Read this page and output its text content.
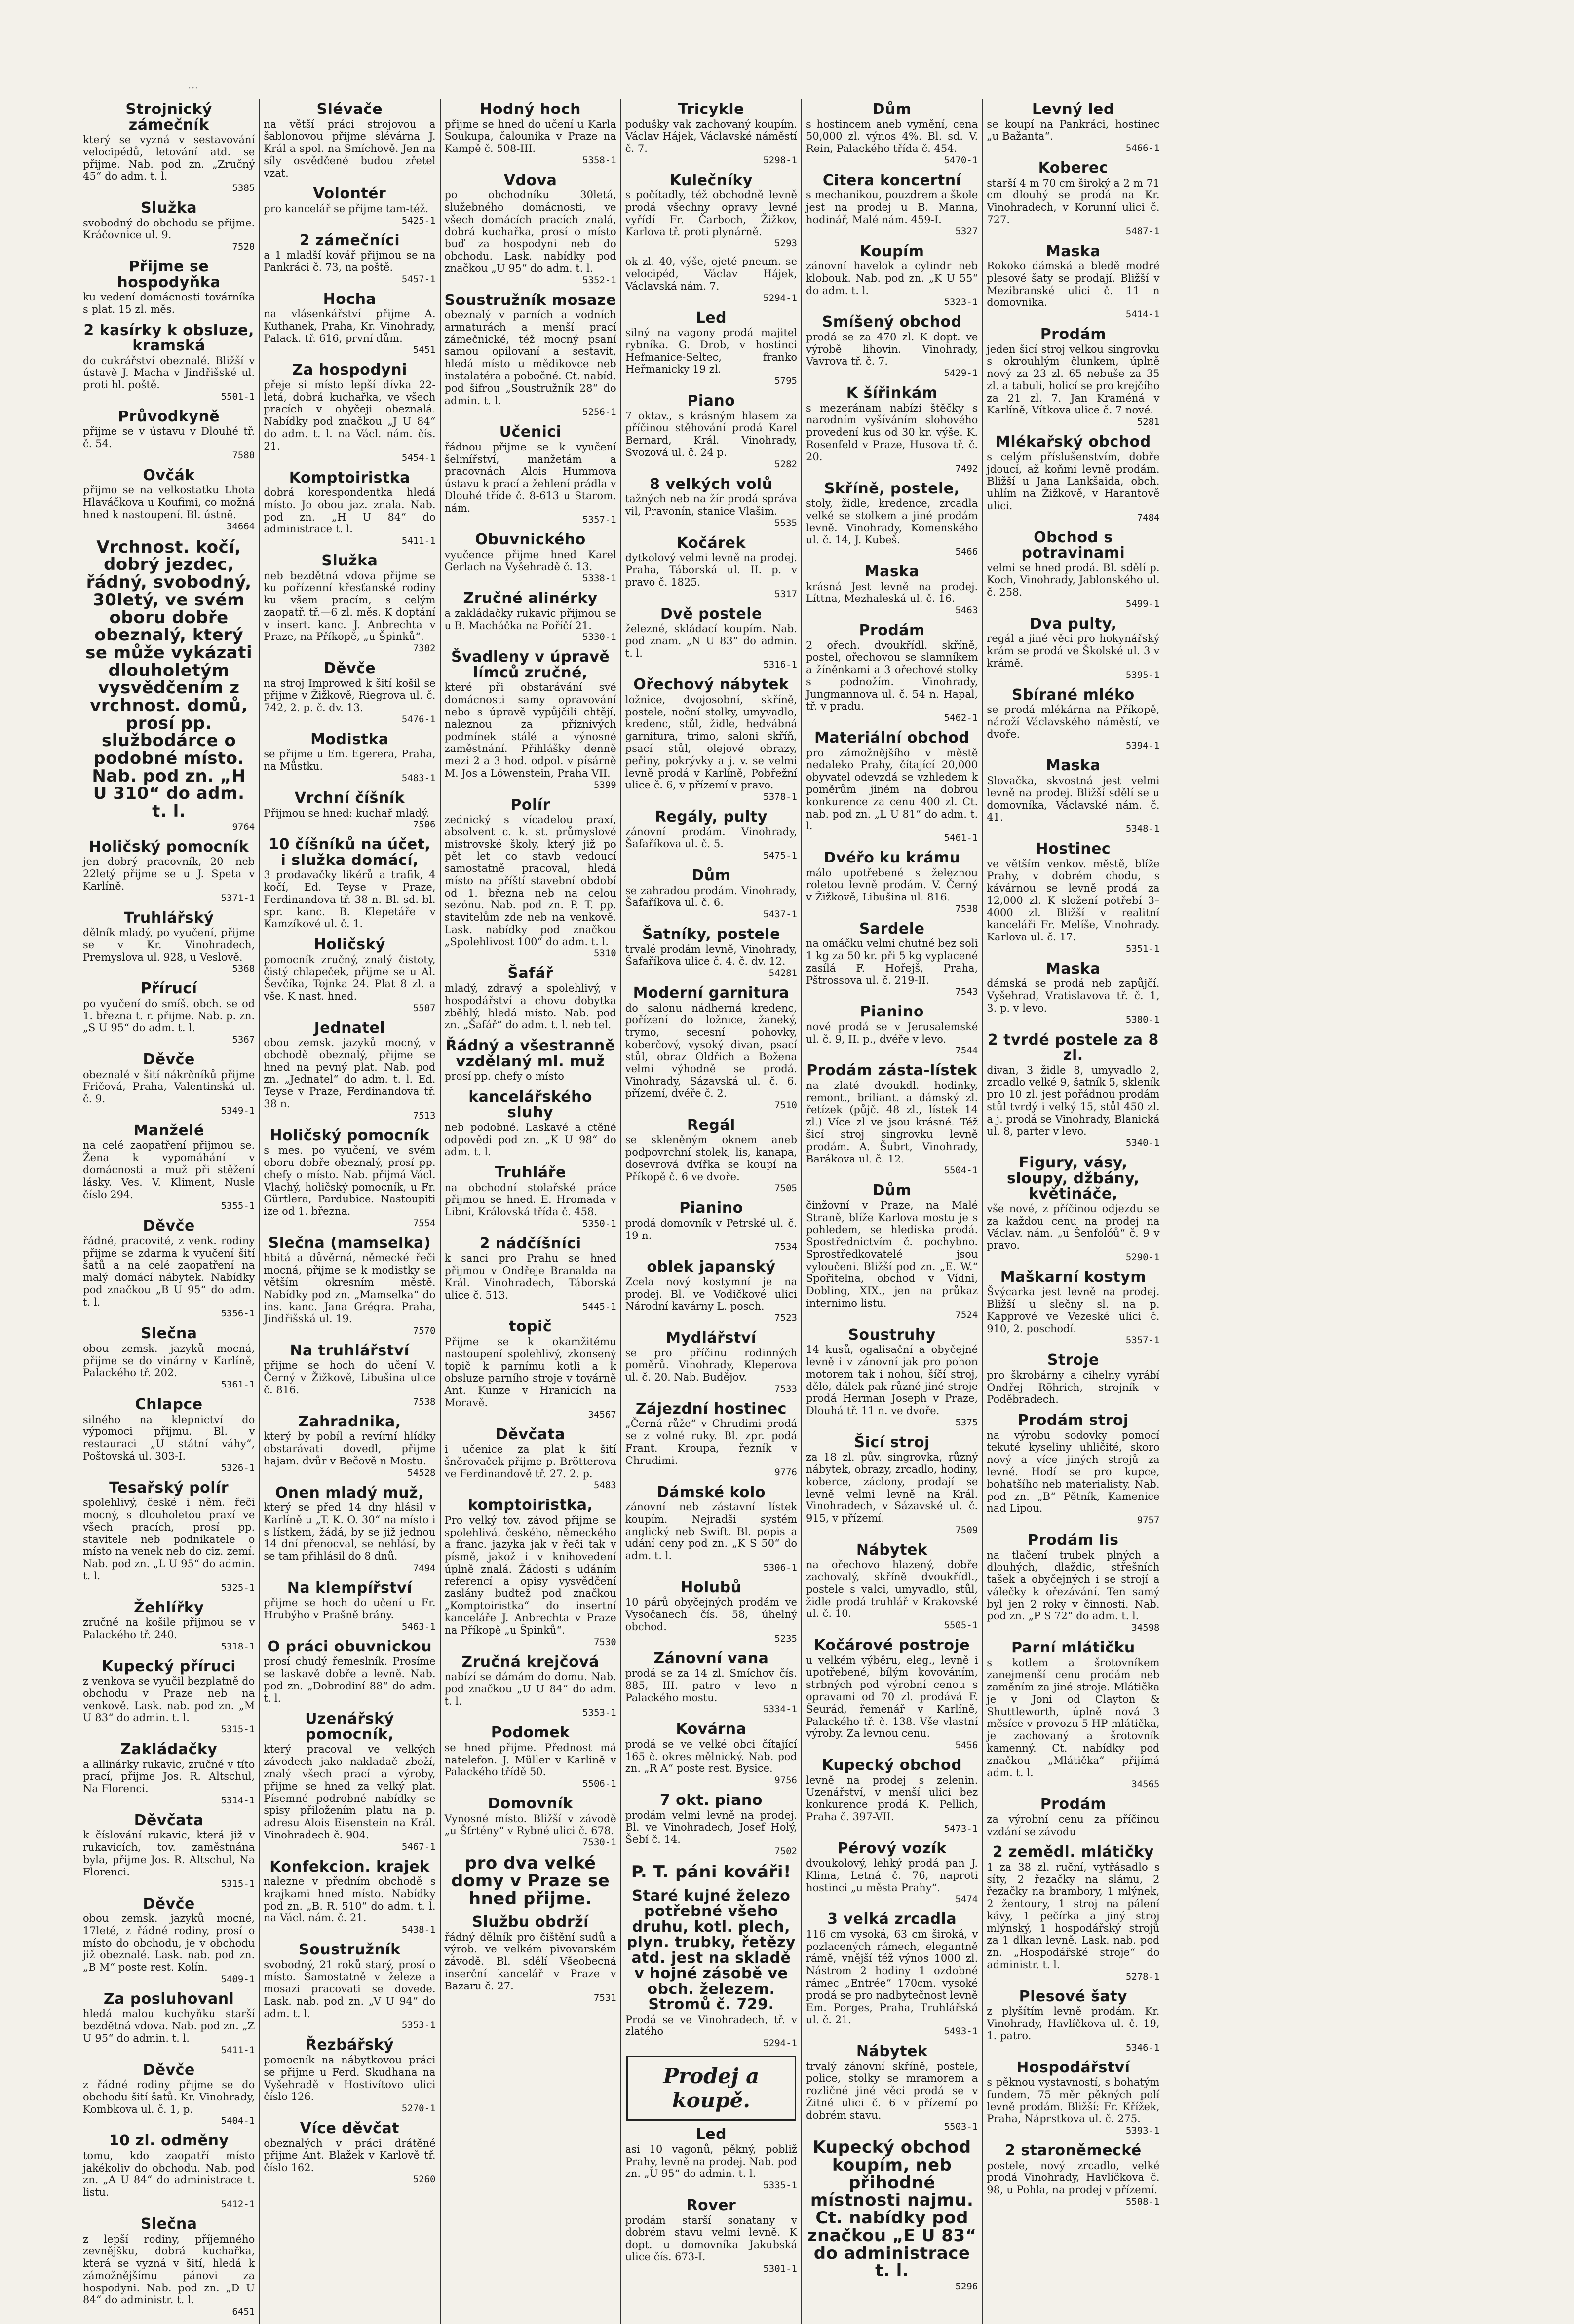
…
Strojnický zámečník

který se vyzná v sestavování velocipédů, letování atd. se přijme. Nab. pod zn. „Zručný 45“ do adm. t. l.

5385
Služka

svobodný do obchodu se přijme. Kráčovnice ul. 9.

7520
Přijme se hospodyňka

ku vedení domácnosti továrníka s plat. 15 zl. měs.

2 kasírky k obsluze, kramská

do cukrářství obeznalé. Bližší v ústavě J. Macha v Jindřišské ul. proti hl. poště.

5501-1
Průvodkyně

přijme se v ústavu v Dlouhé tř. č. 54.

7580
Ovčák

přijmo se na velkostatku Lhota Hlaváčkova u Koufimi, co možná hned k nastoupení. Bl. ústně.

34664
Vrchnost. kočí, dobrý jezdec, řádný, svobodný, 30letý, ve svém oboru dobře obeznalý, který se může vykázati dlouholetým vysvědčením z vrchnost. domů, prosí pp. službodárce o podobné místo. Nab. pod zn. „H U 310“ do adm. t. l.
9764
Holičský pomocník

jen dobrý pracovník, 20- neb 22letý přijme se u J. Speta v Karlíně.

5371-1
Truhlářský

dělník mladý, po vyučení, přijme se v Kr. Vinohradech, Premyslova ul. 928, u Veslově.

5368
Přírucí

po vyučení do smíš. obch. se od 1. března t. r. přijme. Nab. p. zn. „S U 95“ do adm. t. l.

5367
Děvče

obeznalé v šití nákrčníků přijme Fričová, Praha, Valentinská ul. č. 9.

5349-1
Manželé

na celé zaopatření přijmou se. Žena k vypomáhání v domácnosti a muž při stěžení lásky. Ves. V. Kliment, Nusle číslo 294.

5355-1
Děvče

řádné, pracovité, z venk. rodiny přijme se zdarma k vyučení šití šatů a na celé zaopatření na malý domácí nábytek. Nabídky pod značkou „B U 95“ do adm. t. l.

5356-1
Slečna

obou zemsk. jazyků mocná, přijme se do vinárny v Karlíně, Palackého tř. 202.

5361-1
Chlapce

silného na klepnictví do výpomoci přijmu. Bl. v restauraci „U státní váhy“, Poštovská ul. 303-I.

5326-1
Tesařský polír

spolehlivý, české i něm. řeči mocný, s dlouholetou praxí ve všech pracích, prosí pp. stavitele neb podnikatele o místo na venek neb do ciz. zemí. Nab. pod zn. „L U 95“ do admin. t. l.

5325-1
Žehlířky

zručné na košile přijmou se v Palackého tř. 240.

5318-1
Kupecký příruci

z venkova se vyučil bezplatně do obchodu v Praze neb na venkově. Lask. nab. pod zn. „M U 83“ do admin. t. l.

5315-1
Zakládačky

a allinárky rukavic, zručné v títo prací, přijme Jos. R. Altschul, Na Florenci.

5314-1
Děvčata

k číslování rukavic, která již v rukavicích, tov. zaměstnána byla, přijme Jos. R. Altschul, Na Florenci.

5315-1
Děvče

obou zemsk. jazyků mocné, 17leté, z řádné rodiny, prosí o místo do obchodu, je v obchodu již obeznalé. Lask. nab. pod zn. „B M“ poste rest. Kolín.

5409-1
Za posluhovanl

hledá malou kuchyňku starší bezdětná vdova. Nab. pod zn. „Z U 95“ do admin. t. l.

5411-1
Děvče

z řádné rodiny přijme se do obchodu šití šatů. Kr. Vinohrady, Kombkova ul. č. 1, p.

5404-1
10 zl. odměny

tomu, kdo zaopatří místo jakékoliv do obchodu. Nab. pod zn. „A U 84“ do administrace t. listu.

5412-1
Slečna

z lepší rodiny, příjemného zevnějšku, dobrá kuchařka, která se vyzná v šití, hledá k zámožnějšímu pánovi za hospodyni. Nab. pod zn. „D U 84“ do administr. t. l.

6451
Slévače

na větší práci strojovou a šablonovou přijme slévárna J. Král a spol. na Smíchově. Jen na síly osvědčené budou zřetel vzat.

Volontér

pro kancelář se přijme tam-též.

5425-1
2 zámečníci

a 1 mladší kovář přijmou se na Pankráci č. 73, na poště.

5457-1
Hocha

na vlásenkářství přijme A. Kuthanek, Praha, Kr. Vinohrady, Palack. tř. 616, první dům.

5451
Za hospodyni

přeje si místo lepší dívka 22-letá, dobrá kuchařka, ve všech pracích v obyčeji obeznalá. Nabídky pod značkou „J U 84“ do adm. t. l. na Václ. nám. čís. 21.

5454-1
Komptoiristka

dobrá korespondentka hledá místo. Jo obou jaz. znala. Nab. pod zn. „H U 84“ do administrace t. l.

5411-1
Služka

neb bezdětná vdova přijme se ku pořízenní křesťanské rodiny ku všem pracím, s celým zaopatř. tř.—6 zl. měs. K doptání v insert. kanc. J. Anbrechta v Praze, na Příkopě, „u Špinků“.

7302
Děvče

na stroj Improwed k šití košil se přijme v Žižkově, Riegrova ul. č. 742, 2. p. č. dv. 13.

5476-1
Modistka

se přijme u Em. Egerera, Praha, na Můstku.

5483-1
Vrchní číšník

Přijmou se hned: kuchař mladý.

7506
10 číšníků na účet, i služka domácí,

3 prodavačky likérů a trafik, 4 kočí, Ed. Teyse v Praze, Ferdinandova tř. 38 n. Bl. sd. bl. spr. kanc. B. Klepetáře v Kamzíkové ul. č. 1.

Holičský

pomocník zručný, znalý čistoty, čistý chlapeček, přijme se u Al. Ševčíka, Tojnka 24. Plat 8 zl. a vše. K nast. hned.

5507
Jednatel

obou zemsk. jazyků mocný, v obchodě obeznalý, přijme se hned na pevný plat. Nab. pod zn. „Jednatel“ do adm. t. l. Ed. Teyse v Praze, Ferdinandova tř. 38 n.

7513
Holičský pomocník

s mes. po vyučení, ve svém oboru dobře obeznalý, prosí pp. chefy o místo. Nab. přijmá Václ. Vlachý, holičský pomocník, u Fr. Gürtlera, Pardubice. Nastoupiti ize od 1. března.

7554
Slečna (mamselka)

hbitá a důvěrná, německé řeči mocná, přijme se k modistky se větším okresním městě. Nabídky pod zn. „Mamselka“ do ins. kanc. Jana Grégra. Praha, Jindřišská ul. 19.

7570
Na truhlářství

přijme se hoch do učení V. Černý v Žižkově, Libušina ulice č. 816.

7538
Zahradnika,

který by pobíl a revírní hlídky obstarávati dovedl, přijme hajam. dvůr v Bečově n Mostu.

54528
Onen mladý muž,

který se před 14 dny hlásil v Karlíně u „T. K. O. 30“ na místo i s lístkem, žádá, by se již jednou 14 dní přenocval, se nehlásí, by se tam přihlásil do 8 dnů.

7494
Na klempířství

přijme se hoch do učení u Fr. Hrubýho v Prašně brány.

5463-1
O práci obuvnickou

prosí chudý řemeslník. Prosíme se laskavě dobře a levně. Nab. pod zn. „Dobrodiní 88“ do adm. t. l.

Uzenářský pomocník,

který pracoval ve velkých závodech jako nakladač zboží, znalý všech prací a výroby, přijme se hned za velký plat. Písemné podrobné nabídky se spisy přiložením platu na p. adresu Alois Eisenstein na Král. Vinohradech č. 904.

5467-1
Konfekcion. krajek

nalezne v předním obchodě s krajkami hned místo. Nabídky pod zn. „B. R. 510“ do adm. t. l. na Václ. nám. č. 21.

5438-1
Soustružník

svobodný, 21 roků starý, prosí o místo. Samostatně v železe a mosazi pracovati se dovede. Lask. nab. pod zn. „V U 94“ do adm. t. l.

5353-1
Řezbářský

pomocník na nábytkovou práci se přijme u Ferd. Skudhana na Vyšehradě v Hostivítovo ulici číslo 126.

5270-1
Více děvčat

obeznalých v práci drátěné přijme Ant. Blažek v Karlově tř. číslo 162.

5260
Hodný hoch

přijme se hned do učení u Karla Soukupa, čalouníka v Praze na Kampě č. 508-III.

5358-1
Vdova

po obchodníku 30letá, služebného domácnosti, ve všech domácích pracích znalá, dobrá kuchařka, prosí o místo buď za hospodyni neb do obchodu. Lask. nabídky pod značkou „U 95“ do adm. t. l.

5352-1
Soustružník mosaze

obeznalý v parních a vodních armaturách a menší prací zámečnické, též mocný psaní samou opilovaní a sestavit, hledá místo u mědikovce neb instalatéra a pobočné. Ct. nabíd. pod šifrou „Soustružník 28“ do admin. t. l.

5256-1
Učenici

řádnou přijme se k vyučení šelmířství, manžetám a pracovnách Alois Hummova ústavu k prací a žehlení prádla v Dlouhé tříde č. 8-613 u Starom. nám.

5357-1
Obuvnického

vyučence přijme hned Karel Gerlach na Vyšehradě č. 13.

5338-1
Zručné alinérky

a zakládačky rukavic přijmou se u B. Macháčka na Poříčí 21.

5330-1
Švadleny v úpravě límců zručné,

které při obstarávání své domácnosti samy opravování nebo s úpravě vypůjčili chtějí, naleznou za příznivých podmínek stálé a výnosné zaměstnání. Přihlášky denně mezi 2 a 3 hod. odpol. v písárně M. Jos a Löwenstein, Praha VII.

5399
Polír

zednický s vícadelou praxí, absolvent c. k. st. průmyslové mistrovské školy, který již po pět let co stavb vedoucí samostatně pracoval, hledá místo na příští stavební období od 1. března neb na celou sezónu. Nab. pod zn. P. T. pp. stavitelům zde neb na venkově. Lask. nabídky pod značkou „Spolehlivost 100“ do adm. t. l.

5310
Šafář

mladý, zdravý a spolehlivý, v hospodářství a chovu dobytka zběhlý, hledá místo. Nab. pod zn. „Šafář“ do adm. t. l. neb tel.

Řádný a všestranně vzdělaný ml. muž

prosí pp. chefy o místo

kancelářského sluhy

neb podobné. Laskavé a ctěné odpovědi pod zn. „K U 98“ do adm. t. l.

Truhláře

na obchodní stolařské práce přijmou se hned. E. Hromada v Libni, Královská třída č. 458.

5350-1
2 nádčíšníci

k sanci pro Prahu se hned přijmou v Ondřeje Branalda na Král. Vinohradech, Táborská ulice č. 513.

5445-1
topič

Přijme se k okamžitému nastoupení spolehlivý, zkonsený topič k parnímu kotli a k obsluze parního stroje v továrně Ant. Kunze v Hranicích na Moravě.

34567
Děvčata

i učenice za plat k šití šněrovaček přijme p. Brötterova ve Ferdinandově tř. 27. 2. p.

5483
komptoiristka,

Pro velký tov. závod přijme se spolehlivá, českého, německého a franc. jazyka jak v řeči tak v písmě, jakož i v knihovedení úplně znalá. Žádosti s udáním referencí a opisy vysvědčení zaslány budtež pod značkou „Komptoiristka“ do insertní kanceláře J. Anbrechta v Praze na Příkopě „u Špinků“.

7530
Zručná krejčová

nabízí se dámám do domu. Nab. pod značkou „U U 84“ do adm. t. l.

5353-1
Podomek

se hned přijme. Přednost má natelefon. J. Müller v Karlině v Palackého třídě 50.

5506-1
Domovník

Vynosné místo. Bližší v závodě „u Šťrtény“ v Rybné ulici č. 678.

7530-1
pro dva velké domy v Praze se hned přijme.
Službu obdrží

řádný dělník pro čištění sudů a výrob. ve velkém pivovarském závodě. Bl. sdělí Všeobecná inserční kancelář v Praze v Bazaru č. 27.

7531
Tricykle

podušky vak zachovaný koupím. Václav Hájek, Václavské náměstí č. 7.

5298-1
Kulečníky

s počítadly, též obchodně levně prodá všechny opravy levné vyřídí Fr. Čarboch, Žižkov, Karlova tř. proti plynárně.

5293

ok zl. 40, výše, ojeté pneum. se velocipéd, Václav Hájek, Václavská nám. 7.

5294-1
Led

silný na vagony prodá majitel rybníka. G. Drob, v hostinci Hefmanice-Seltec, franko Heřmanicky 19 zl.

5795
Piano

7 oktav., s krásným hlasem za příčinou stěhování prodá Karel Bernard, Král. Vinohrady, Svozová ul. č. 24 p.

5282
8 velkých volů

tažných neb na žír prodá správa vil, Pravonín, stanice Vlašim.

5535
Kočárek

dytkolový velmi levně na prodej. Praha, Táborská ul. II. p. v pravo č. 1825.

5317
Dvě postele

železné, skládací koupím. Nab. pod znam. „N U 83“ do admin. t. l.

5316-1
Ořechový nábytek

ložnice, dvojosobní, skříně, postele, noční stolky, umyvadlo, kredenc, stůl, židle, hedvábná garnitura, trimo, saloni skříň, psací stůl, olejové obrazy, peřiny, pokrývky a j. v. se velmi levně prodá v Karlíně, Pobřežní ulice č. 6, v přízemí v pravo.

5378-1
Regály, pulty

zánovní prodám. Vinohrady, Šafaříkova ul. č. 5.

5475-1
Dům

se zahradou prodám. Vinohrady, Šafaříkova ul. č. 6.

5437-1
Šatníky, postele

trvalé prodám levně, Vinohrady, Šafaříkova ulice č. 4. č. dv. 12.

54281
Moderní garnitura

do salonu nádherná kredenc, pořízení do ložnice, žaneký, trymo, secesní pohovky, koberčový, vysoký divan, psací stůl, obraz Oldřich a Božena velmi výhodně se prodá. Vinohrady, Sázavská ul. č. 6. přízemí, dvéře č. 2.

7510
Regál

se skleněným oknem aneb podpovrchní stolek, lis, kanapa, dosevrová dvířka se koupí na Příkopě č. 6 ve dvoře.

7505
Pianino

prodá domovník v Petrské ul. č. 19 n.

7534
oblek japanský

Zcela nový kostymní je na prodej. Bl. ve Vodičkové ulici Národní kavárny L. posch.

7523
Mydlářství

se pro příčinu rodinných poměrů. Vinohrady, Kleperova ul. č. 20. Nab. Budějov.

7533
Zájezdní hostinec

„Černá růže“ v Chrudimi prodá se z volné ruky. Bl. zpr. podá Frant. Kroupa, řezník v Chrudimi.

9776
Dámské kolo

zánovní neb zástavní lístek koupím. Nejradši systém anglický neb Swift. Bl. popis a udání ceny pod zn. „K S 50“ do adm. t. l.

5306-1
Holubů

10 párů obyčejných prodám ve Vysočanech čís. 58, úhelný obchod.

5235
Zánovní vana

prodá se za 14 zl. Smíchov čís. 885, III. patro v levo n Palackého mostu.

5334-1
Kovárna

prodá se ve velké obci čítající 165 č. okres mělnický. Nab. pod zn. „R A“ poste rest. Bysice.

9756
7 okt. piano

prodám velmi levně na prodej. Bl. ve Vinohradech, Josef Holý, Šebí č. 14.

7502
P. T. páni kováři!
Staré kujné železo potřebné všeho druhu, kotl. plech, plyn. trubky, řetězy atd. jest na skladě v hojné zásobě ve obch. železem. Stromů č. 729.

Prodá se ve Vinohradech, tř. v zlatého

5294-1
Prodej a koupě.
Led

asi 10 vagonů, pěkný, pobliž Prahy, levně na prodej. Nab. pod zn. „U 95“ do admin. t. l.

5335-1
Rover

prodám starší sonatany v dobrém stavu velmi levně. K dopt. u domovníka Jakubská ulice čís. 673-I.

5301-1
Dům

s hostincem aneb vymění, cena 50,000 zl. výnos 4%. Bl. sd. V. Rein, Palackého třída č. 454.

5470-1
Citera koncertní

s mechanikou, pouzdrem a škole jest na prodej u B. Manna, hodinář, Malé nám. 459-I.

5327
Koupím

zánovní havelok a cylindr neb klobouk. Nab. pod zn. „K U 55“ do adm. t. l.

5323-1
Smíšený obchod

prodá se za 470 zl. K dopt. ve výrobě lihovin. Vinohrady, Vavrova tř. č. 7.

5429-1
K šířinkám

s mezeránam nabízí štěčky s narodním vyšíváním slohového provedení kus od 30 kr. výše. K. Rosenfeld v Praze, Husova tř. č. 20.

7492
Skříně, postele,

stoly, židle, kredence, zrcadla velké se stolkem a jiné prodám levně. Vinohrady, Komenského ul. č. 14, J. Kubeš.

5466
Maska

krásná Jest levně na prodej. Líttna, Mezhaleská ul. č. 16.

5463
Prodám

2 ořech. dvoukřídl. skříně, postel, ořechovou se slamníkem a žíněnkami a 3 ořechové stolky s podnožím. Vinohrady, Jungmannova ul. č. 54 n. Hapal, tř. v pradu.

5462-1
Materiální obchod

pro zámožnějšího v městě nedaleko Prahy, čítající 20,000 obyvatel odevzdá se vzhledem k poměrům jiném na dobrou konkurence za cenu 400 zl. Ct. nab. pod zn. „L U 81“ do adm. t. l.

5461-1
Dvéřo ku krámu

málo upotřebené s železnou roletou levně prodám. V. Černý v Žižkově, Libušina ul. 816.

7538
Sardele

na omáčku velmi chutné bez soli 1 kg za 50 kr. při 5 kg vyplacené zasílá F. Hořejš, Praha, Pštrossova ul. č. 219-II.

7543
Pianino

nové prodá se v Jerusalemské ul. č. 9, II. p., dvéře v levo.

7544
Prodám zásta-lístek

na zlaté dvoukdl. hodinky, remont., briliant. a dámský zl. řetízek (půjč. 48 zl., lístek 14 zl.) Více zl ve jsou krásné. Též šicí stroj singrovku levně prodám. A. Šubrt, Vinohrady, Barákova ul. č. 12.

5504-1
Dům

činžovní v Praze, na Malé Straně, blíže Karlova mostu je s pohledem, se hlediska prodá. Spostřednictvím č. pochybno. Sprostředkovatelé jsou vyloučeni. Bližší pod zn. „E. W.“ Spořitelna, obchod v Vídni, Dobling, XIX., jen na průkaz internimo listu.

7524
Soustruhy

14 kusů, ogalisační a obyčejné levně i v zánovní jak pro pohon motorem tak i nohou, šíčí stroj, dělo, dálek pak různé jiné stroje prodá Herman Joseph v Praze, Dlouhá tř. 11 n. ve dvoře.

5375
Šicí stroj

za 18 zl. pův. singrovka, různý nábytek, obrazy, zrcadlo, hodiny, koberce, záclony, prodají se levně velmi levně na Král. Vinohradech, v Sázavské ul. č. 915, v přízemí.

7509
Nábytek

na ořechovo hlazený, dobře zachovalý, skříně dvoukřídl., postele s valci, umyvadlo, stůl, židle prodá truhlář v Krakovské ul. č. 10.

5505-1
Kočárové postroje

u velkém výběru, eleg., levně i upotřebené, bílým kovováním, strbných pod výrobní cenou s opravami od 70 zl. prodává F. Šeurád, řemenář v Karlíně, Palackého tř. č. 138. Vše vlastní výroby. Za levnou cenu.

5456
Kupecký obchod

levně na prodej s zelenin. Uzenářství, v menší ulici bez konkurence prodá K. Pellich, Praha č. 397-VII.

5473-1
Pérový vozík

dvoukolový, lehký prodá pan J. Klima, Letná č. 76, naproti hostinci „u města Prahy“.

5474
3 velká zrcadla

116 cm vysoká, 63 cm široká, v pozlacených rámech, elegantně rámě, vnější též výnos 1000 zl. Nástrom 2 hodiny 1 ozdobné rámec „Entrée“ 170cm. vysoké prodá se pro nadbytečnost levně Em. Porges, Praha, Truhlářská ul. č. 21.

5493-1
Nábytek

trvalý zánovní skříně, postele, police, stolky se mramorem a rozličné jiné věci prodá se v Žitné ulici č. 6 v přízemí po dobrém stavu.

5503-1
Kupecký obchod koupím, neb přihodné místnosti najmu. Ct. nabídky pod značkou „E U 83“ do administrace t. l.
5296
Levný led

se koupí na Pankráci, hostinec „u Bažanta“.

5466-1
Koberec

starší 4 m 70 cm široký a 2 m 71 cm dlouhý se prodá na Kr. Vinohradech, v Korunní ulici č. 727.

5487-1
Maska

Rokoko dámská a bledě modré plesové šaty se prodají. Bližší v Mezibranské ulici č. 11 n domovnika.

5414-1
Prodám

jeden šicí stroj velkou singrovku s okrouhlým člunkem, úplně nový za 23 zl. 65 nebuše za 35 zl. a tabuli, holicí se pro krejčího za 21 zl. 7. Jan Kraméná v Karlíně, Vítkova ulice č. 7 nové.

5281
Mlékařský obchod

s celým příslušenstvím, dobře jdoucí, až koňmi levně prodám. Bližší u Jana Lankšaida, obch. uhlím na Žižkově, v Harantově ulici.

7484
Obchod s potravinami

velmi se hned prodá. Bl. sdělí p. Koch, Vinohrady, Jablonského ul. č. 258.

5499-1
Dva pulty,

regál a jiné věci pro hokynářský krám se prodá ve Školské ul. 3 v krámě.

5395-1
Sbírané mléko

se prodá mlékárna na Příkopě, nároží Václavského náměstí, ve dvoře.

5394-1
Maska

Slovačka, skvostná jest velmi levně na prodej. Bližší sdělí se u domovníka, Václavské nám. č. 41.

5348-1
Hostinec

ve větším venkov. městě, blíže Prahy, v dobrém chodu, s kávárnou se levně prodá za 12,000 zl. K složení potřebí 3–4000 zl. Bližší v realitní kanceláři Fr. Melíše, Vinohrady. Karlova ul. č. 17.

5351-1
Maska

dámská se prodá neb zapůjčí. Vyšehrad, Vratislavova tř. č. 1, 3. p. v levo.

5380-1
2 tvrdé postele za 8 zl.

divan, 3 židle 8, umyvadlo 2, zrcadlo velké 9, šatník 5, skleník pro 10 zl. jest pořádnou prodám stůl tvrdý i velký 15, stůl 450 zl. a j. prodá se Vinohrady, Blanická ul. 8, parter v levo.

5340-1
Figury, vásy, sloupy, džbány, květináče,

vše nové, z příčinou odjezdu se za každou cenu na prodej na Václav. nám. „u Šenfolóů“ č. 9 v pravo.

5290-1
Maškarní kostym

Švýcarka jest levně na prodej. Bližší u slečny sl. na p. Kapprové ve Vezeské ulici č. 910, 2. poschodí.

5357-1
Stroje

pro škrobárny a cihelny vyrábí Ondřej Röhrich, strojník v Poděbradech.

Prodám stroj

na výrobu sodovky pomocí tekuté kyseliny uhličité, skoro nový a více jiných strojů za levné. Hodí se pro kupce, bohatšího neb materialisty. Nab. pod zn. „B“ Pětník, Kamenice nad Lipou.

9757
Prodám lis

na tlačení trubek plných a dlouhých, dlaždic, střešních tašek a obyčejných i se strojí a válečky k ořezávání. Ten samý byl jen 2 roky v činnosti. Nab. pod zn. „P S 72“ do adm. t. l.

34598
Parní mlátičku

s kotlem a šrotovníkem zanejmenší cenu prodám neb zaměním za jiné stroje. Mlátička je v Joni od Clayton & Shuttleworth, úplně nová 3 měsíce v provozu 5 HP mlátička, je zachovaný a šrotovník kamenný. Ct. nabídky pod značkou „Mlátička“ přijímá adm. t. l.

34565
Prodám

za výrobní cenu za příčinou vzdání se závodu

2 zemědl. mlátičky

1 za 38 zl. ruční, vytřásadlo s síty, 2 řezačky na slámu, 2 řezačky na brambory, 1 mlýnek, 2 žentoury, 1 stroj na pálení kávy, 1 pečírka a jiný stroj mlýnský, 1 hospodářský strojů za 1 dlkan levně. Lask. nab. pod zn. „Hospodářské stroje“ do administr. t. l.

5278-1
Plesové šaty

z plyšítím levně prodám. Kr. Vinohrady, Havlíčkova ul. č. 19, 1. patro.

5346-1
Hospodářství

s pěknou vystavností, s bohatým fundem, 75 měr pěkných polí levně prodám. Bližší: Fr. Křížek, Praha, Náprstkova ul. č. 275.

5393-1
2 staroněmecké

postele, nový zrcadlo, velké prodá Vinohrady, Havlíčkova č. 98, u Pohla, na prodej v přízemí.

5508-1
